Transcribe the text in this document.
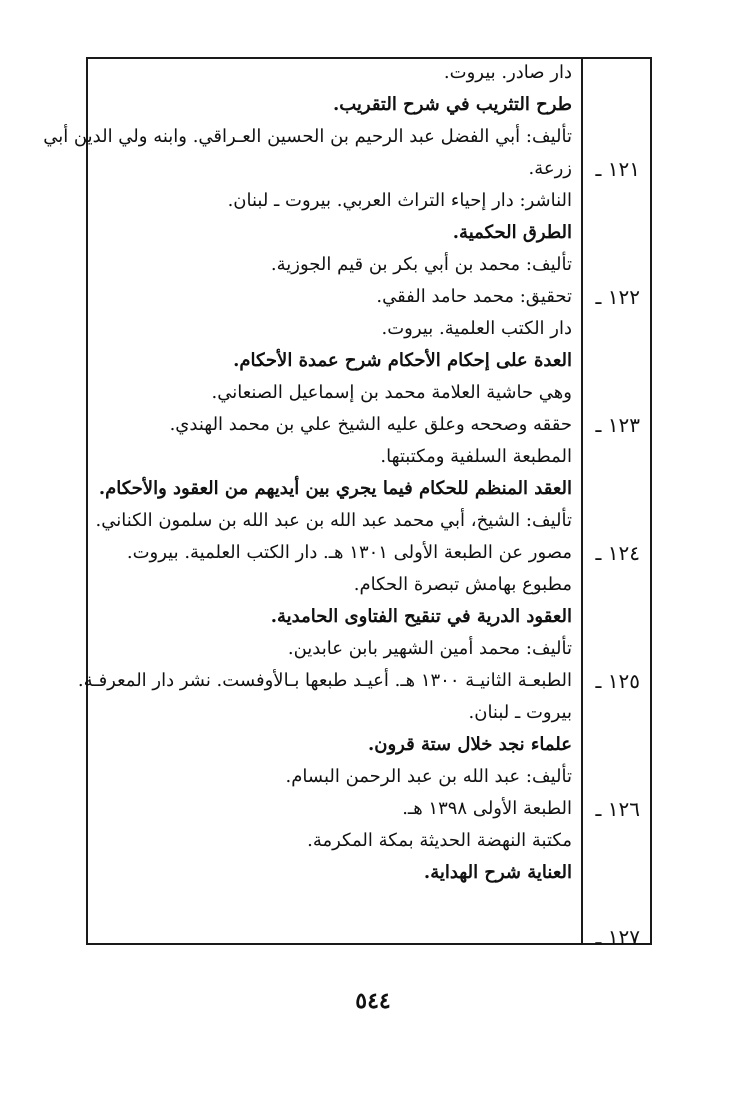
١٢١ ـ
١٢٢ ـ
١٢٣ ـ
١٢٤ ـ
١٢٥ ـ
١٢٦ ـ
١٢٧ ـ
دار صادر. بيروت.
طرح التثريب في شرح التقريب.
تأليف: أبي الفضل عبد الرحيم بن الحسين العـراقي. وابنه ولي الدين أبي
زرعة.
الناشر: دار إحياء التراث العربي. بيروت ـ لبنان.
الطرق الحكمية.
تأليف: محمد بن أبي بكر بن قيم الجوزية.
تحقيق: محمد حامد الفقي.
دار الكتب العلمية. بيروت.
العدة على إحكام الأحكام شرح عمدة الأحكام.
وهي حاشية العلامة محمد بن إسماعيل الصنعاني.
حققه وصححه وعلق عليه الشيخ علي بن محمد الهندي.
المطبعة السلفية ومكتبتها.
العقد المنظم للحكام فيما يجري بين أيديهم من العقود والأحكام.
تأليف: الشيخ، أبي محمد عبد الله بن عبد الله بن سلمون الكناني.
مصور عن الطبعة الأولى ١٣٠١ هـ. دار الكتب العلمية. بيروت.
مطبوع بهامش تبصرة الحكام.
العقود الدرية في تنقيح الفتاوى الحامدية.
تأليف: محمد أمين الشهير بابن عابدين.
الطبعـة الثانيـة ١٣٠٠ هـ. أعيـد طبعها بـالأوفست. نشر دار المعرفـة.
بيروت ـ لبنان.
علماء نجد خلال ستة قرون.
تأليف: عبد الله بن عبد الرحمن البسام.
الطبعة الأولى ١٣٩٨ هـ.
مكتبة النهضة الحديثة بمكة المكرمة.
العناية شرح الهداية.
٥٤٤
